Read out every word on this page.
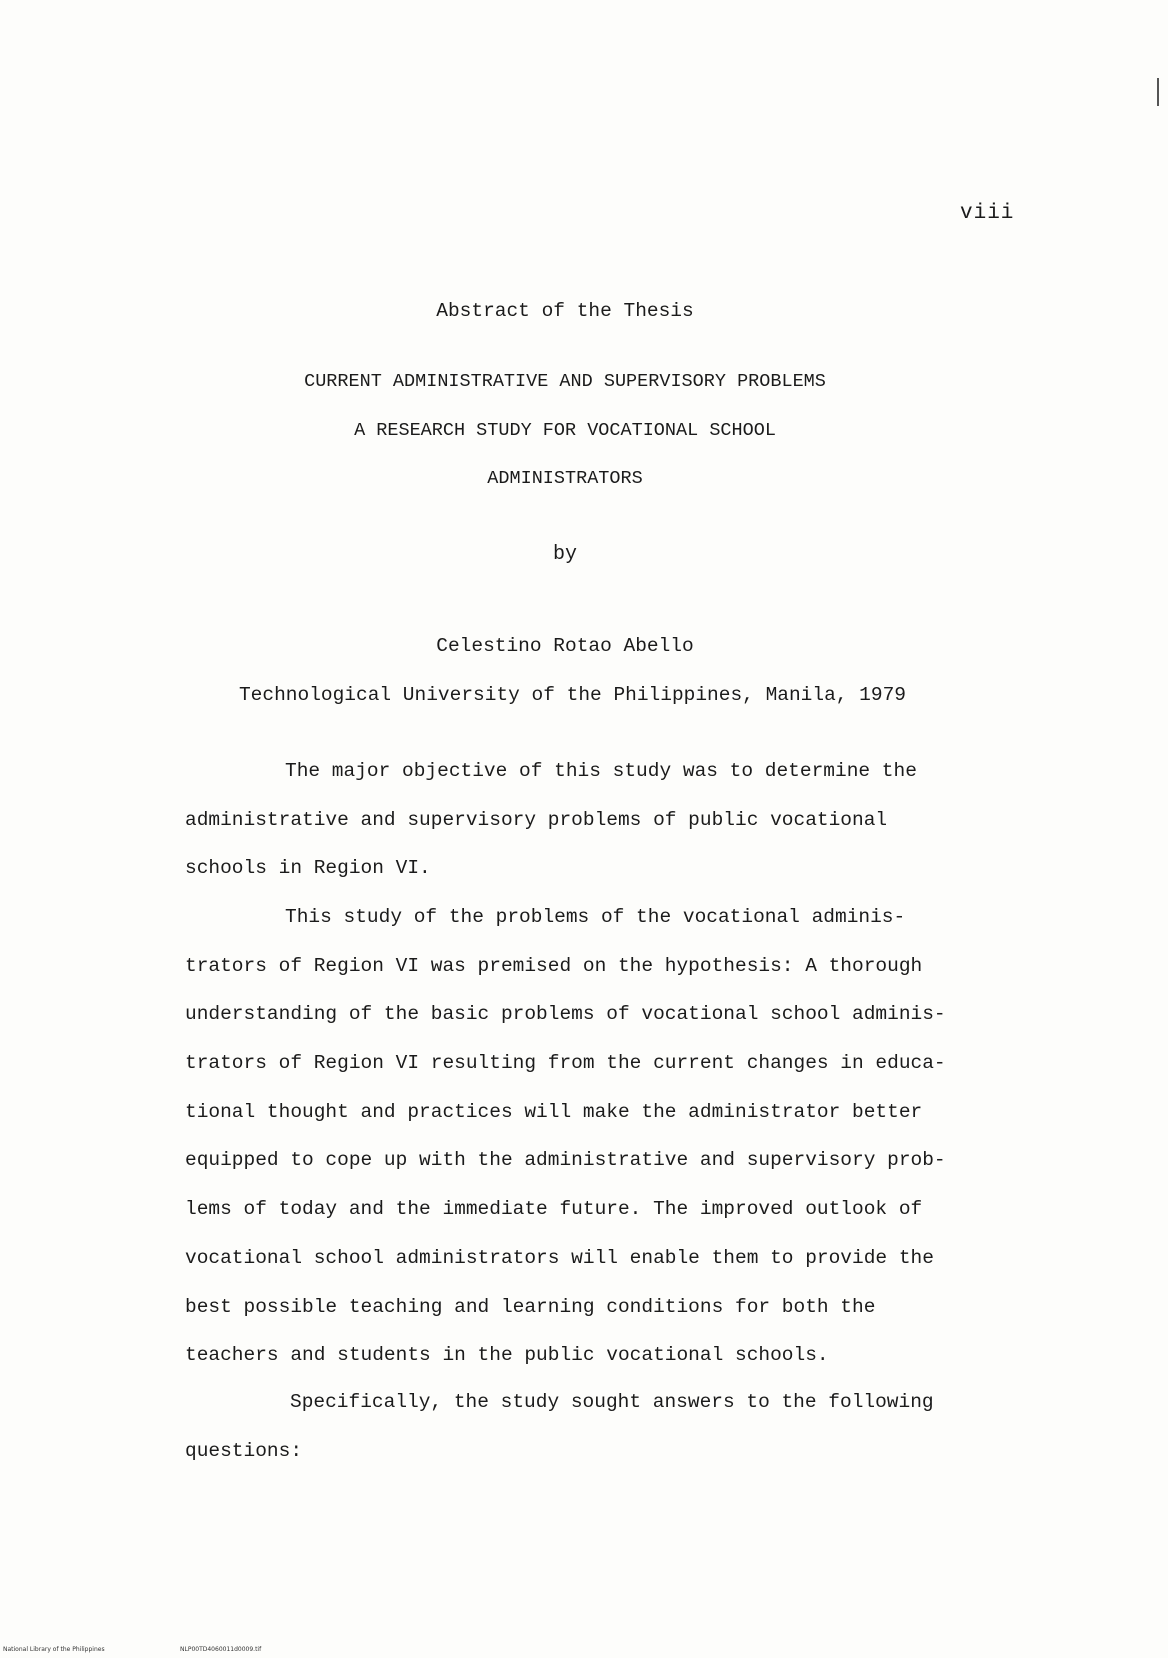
viii
Abstract of the Thesis
CURRENT ADMINISTRATIVE AND SUPERVISORY PROBLEMS
A RESEARCH STUDY FOR VOCATIONAL SCHOOL
ADMINISTRATORS
by
Celestino Rotao Abello
Technological University of the Philippines, Manila, 1979
The major objective of this study was to determine the
administrative and supervisory problems of public vocational
schools in Region VI.
This study of the problems of the vocational adminis-
trators of Region VI was premised on the hypothesis: A thorough
understanding of the basic problems of vocational school adminis-
trators of Region VI resulting from the current changes in educa-
tional thought and practices will make the administrator better
equipped to cope up with the administrative and supervisory prob-
lems of today and the immediate future. The improved outlook of
vocational school administrators will enable them to provide the
best possible teaching and learning conditions for both the
teachers and students in the public vocational schools.
Specifically, the study sought answers to the following
questions:
National Library of the Philippines	NLP00TD4060011d0009.tif
